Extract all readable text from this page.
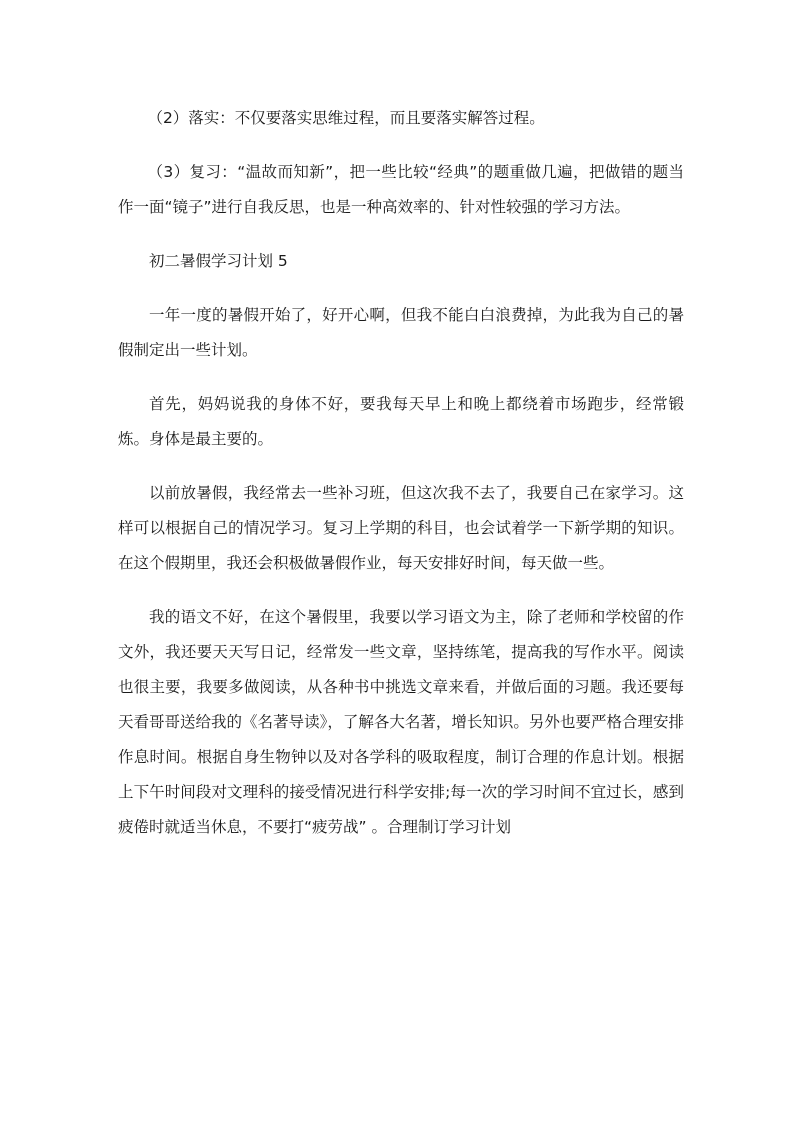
（2）落实：不仅要落实思维过程，而且要落实解答过程。

（3）复习：“温故而知新”，把一些比较“经典”的题重做几遍，把做错的题当作一面“镜子”进行自我反思，也是一种高效率的、针对性较强的学习方法。

初二暑假学习计划 5

一年一度的暑假开始了，好开心啊，但我不能白白浪费掉，为此我为自己的暑假制定出一些计划。

首先，妈妈说我的身体不好，要我每天早上和晚上都绕着市场跑步，经常锻炼。身体是最主要的。

以前放暑假，我经常去一些补习班，但这次我不去了，我要自己在家学习。这样可以根据自己的情况学习。复习上学期的科目，也会试着学一下新学期的知识。在这个假期里，我还会积极做暑假作业，每天安排好时间，每天做一些。

我的语文不好，在这个暑假里，我要以学习语文为主，除了老师和学校留的作文外，我还要天天写日记，经常发一些文章，坚持练笔，提高我的写作水平。阅读也很主要，我要多做阅读，从各种书中挑选文章来看，并做后面的习题。我还要每天看哥哥送给我的《名著导读》，了解各大名著，增长知识。另外也要严格合理安排作息时间。根据自身生物钟以及对各学科的吸取程度，制订合理的作息计划。根据上下午时间段对文理科的接受情况进行科学安排;每一次的学习时间不宜过长，感到疲倦时就适当休息，不要打“疲劳战” 。合理制订学习计划
